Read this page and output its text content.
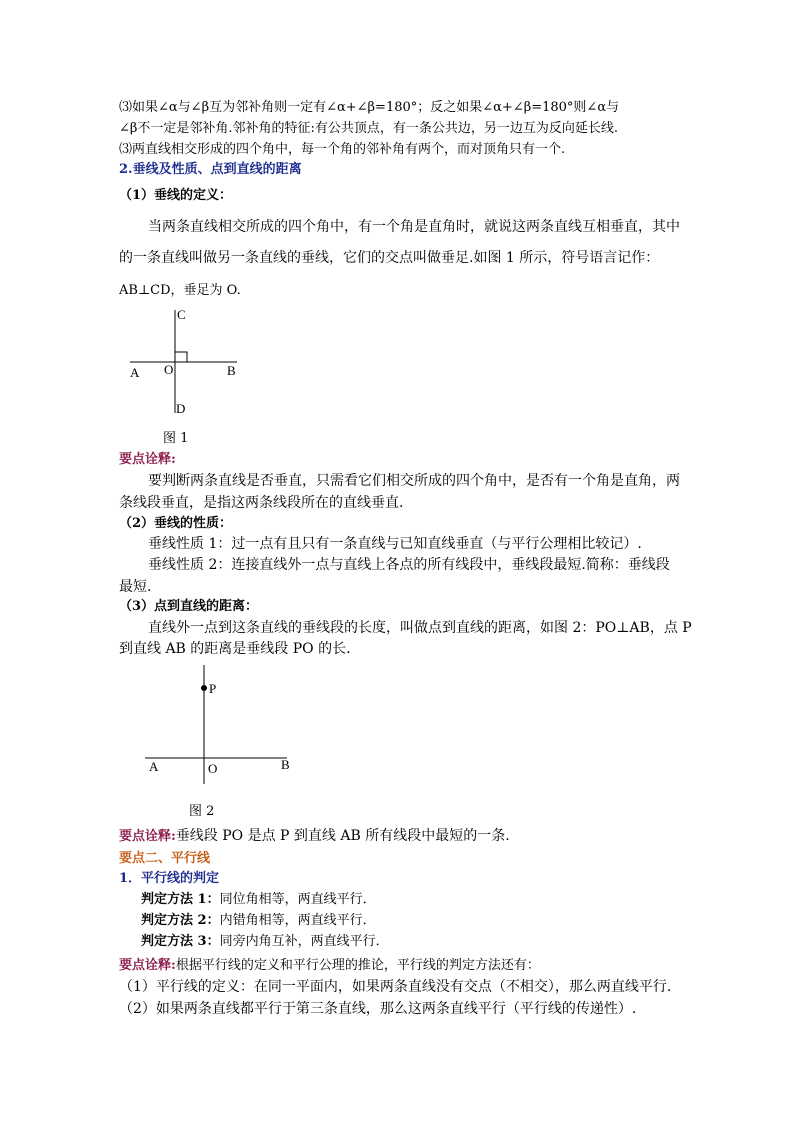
⑶如果∠α与∠β互为邻补角则一定有∠α+∠β=180°；反之如果∠α+∠β=180°则∠α与
∠β不一定是邻补角.邻补角的特征:有公共顶点，有一条公共边，另一边互为反向延长线.
⑶两直线相交形成的四个角中，每一个角的邻补角有两个，而对顶角只有一个.
2.垂线及性质、点到直线的距离
（1）垂线的定义：
当两条直线相交所成的四个角中，有一个角是直角时，就说这两条直线互相垂直，其中
的一条直线叫做另一条直线的垂线，它们的交点叫做垂足.如图 1 所示，符号语言记作：
AB⊥CD，垂足为 O.
C
A O	B
D
图 1
要点诠释:
要判断两条直线是否垂直，只需看它们相交所成的四个角中，是否有一个角是直角，两
条线段垂直，是指这两条线段所在的直线垂直.
（2）垂线的性质：
垂线性质 1：过一点有且只有一条直线与已知直线垂直（与平行公理相比较记）.
垂线性质 2：连接直线外一点与直线上各点的所有线段中，垂线段最短.简称：垂线段
最短.
（3）点到直线的距离：
直线外一点到这条直线的垂线段的长度，叫做点到直线的距离，如图 2：PO⊥AB，点 P
到直线 AB 的距离是垂线段 PO 的长.
P
A	O	B
图 2
要点诠释:垂线段 PO 是点 P 到直线 AB 所有线段中最短的一条.
要点二、平行线
1．平行线的判定
判定方法 1：同位角相等，两直线平行．
判定方法 2：内错角相等，两直线平行．
判定方法 3：同旁内角互补，两直线平行．
要点诠释:根据平行线的定义和平行公理的推论，平行线的判定方法还有：
（1）平行线的定义：在同一平面内，如果两条直线没有交点（不相交），那么两直线平行.
（2）如果两条直线都平行于第三条直线，那么这两条直线平行（平行线的传递性）.
